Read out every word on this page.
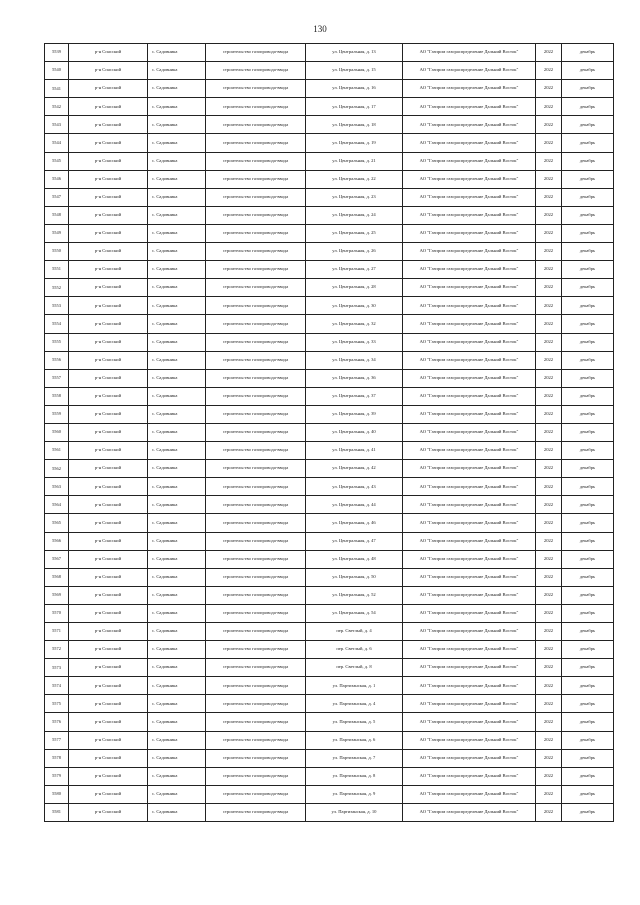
130
5539	р-н Спасский	с. Садовника	строительство газопровода-ввода	ул. Центральная, д. 13	АО "Газпром газораспределение Дальний Восток"	2022	декабрь
5540	р-н Спасский	с. Садовника	строительство газопровода-ввода	ул. Центральная, д. 15	АО "Газпром газораспределение Дальний Восток"	2022	декабрь
5541	р-н Спасский	с. Садовника	строительство газопровода-ввода	ул. Центральная, д. 16	АО "Газпром газораспределение Дальний Восток"	2022	декабрь
5542	р-н Спасский	с. Садовника	строительство газопровода-ввода	ул. Центральная, д. 17	АО "Газпром газораспределение Дальний Восток"	2022	декабрь
5543	р-н Спасский	с. Садовника	строительство газопровода-ввода	ул. Центральная, д. 18	АО "Газпром газораспределение Дальний Восток"	2022	декабрь
5544	р-н Спасский	с. Садовника	строительство газопровода-ввода	ул. Центральная, д. 19	АО "Газпром газораспределение Дальний Восток"	2022	декабрь
5545	р-н Спасский	с. Садовника	строительство газопровода-ввода	ул. Центральная, д. 21	АО "Газпром газораспределение Дальний Восток"	2022	декабрь
5546	р-н Спасский	с. Садовника	строительство газопровода-ввода	ул. Центральная, д. 22	АО "Газпром газораспределение Дальний Восток"	2022	декабрь
5547	р-н Спасский	с. Садовника	строительство газопровода-ввода	ул. Центральная, д. 23	АО "Газпром газораспределение Дальний Восток"	2022	декабрь
5548	р-н Спасский	с. Садовника	строительство газопровода-ввода	ул. Центральная, д. 24	АО "Газпром газораспределение Дальний Восток"	2022	декабрь
5549	р-н Спасский	с. Садовника	строительство газопровода-ввода	ул. Центральная, д. 25	АО "Газпром газораспределение Дальний Восток"	2022	декабрь
5550	р-н Спасский	с. Садовника	строительство газопровода-ввода	ул. Центральная, д. 26	АО "Газпром газораспределение Дальний Восток"	2022	декабрь
5551	р-н Спасский	с. Садовника	строительство газопровода-ввода	ул. Центральная, д. 27	АО "Газпром газораспределение Дальний Восток"	2022	декабрь
5552	р-н Спасский	с. Садовника	строительство газопровода-ввода	ул. Центральная, д. 28	АО "Газпром газораспределение Дальний Восток"	2022	декабрь
5553	р-н Спасский	с. Садовника	строительство газопровода-ввода	ул. Центральная, д. 30	АО "Газпром газораспределение Дальний Восток"	2022	декабрь
5554	р-н Спасский	с. Садовника	строительство газопровода-ввода	ул. Центральная, д. 32	АО "Газпром газораспределение Дальний Восток"	2022	декабрь
5555	р-н Спасский	с. Садовника	строительство газопровода-ввода	ул. Центральная, д. 33	АО "Газпром газораспределение Дальний Восток"	2022	декабрь
5556	р-н Спасский	с. Садовника	строительство газопровода-ввода	ул. Центральная, д. 34	АО "Газпром газораспределение Дальний Восток"	2022	декабрь
5557	р-н Спасский	с. Садовника	строительство газопровода-ввода	ул. Центральная, д. 36	АО "Газпром газораспределение Дальний Восток"	2022	декабрь
5558	р-н Спасский	с. Садовника	строительство газопровода-ввода	ул. Центральная, д. 37	АО "Газпром газораспределение Дальний Восток"	2022	декабрь
5559	р-н Спасский	с. Садовника	строительство газопровода-ввода	ул. Центральная, д. 39	АО "Газпром газораспределение Дальний Восток"	2022	декабрь
5560	р-н Спасский	с. Садовника	строительство газопровода-ввода	ул. Центральная, д. 40	АО "Газпром газораспределение Дальний Восток"	2022	декабрь
5561	р-н Спасский	с. Садовника	строительство газопровода-ввода	ул. Центральная, д. 41	АО "Газпром газораспределение Дальний Восток"	2022	декабрь
5562	р-н Спасский	с. Садовника	строительство газопровода-ввода	ул. Центральная, д. 42	АО "Газпром газораспределение Дальний Восток"	2022	декабрь
5563	р-н Спасский	с. Садовника	строительство газопровода-ввода	ул. Центральная, д. 43	АО "Газпром газораспределение Дальний Восток"	2022	декабрь
5564	р-н Спасский	с. Садовника	строительство газопровода-ввода	ул. Центральная, д. 44	АО "Газпром газораспределение Дальний Восток"	2022	декабрь
5565	р-н Спасский	с. Садовника	строительство газопровода-ввода	ул. Центральная, д. 46	АО "Газпром газораспределение Дальний Восток"	2022	декабрь
5566	р-н Спасский	с. Садовника	строительство газопровода-ввода	ул. Центральная, д. 47	АО "Газпром газораспределение Дальний Восток"	2022	декабрь
5567	р-н Спасский	с. Садовника	строительство газопровода-ввода	ул. Центральная, д. 48	АО "Газпром газораспределение Дальний Восток"	2022	декабрь
5568	р-н Спасский	с. Садовника	строительство газопровода-ввода	ул. Центральная, д. 50	АО "Газпром газораспределение Дальний Восток"	2022	декабрь
5569	р-н Спасский	с. Садовника	строительство газопровода-ввода	ул. Центральная, д. 52	АО "Газпром газораспределение Дальний Восток"	2022	декабрь
5570	р-н Спасский	с. Садовника	строительство газопровода-ввода	ул. Центральная, д. 54	АО "Газпром газораспределение Дальний Восток"	2022	декабрь
5571	р-н Спасский	с. Садовника	строительство газопровода-ввода	пер. Светлый, д. 4	АО "Газпром газораспределение Дальний Восток"	2022	декабрь
5572	р-н Спасский	с. Садовника	строительство газопровода-ввода	пер. Светлый, д. 6	АО "Газпром газораспределение Дальний Восток"	2022	декабрь
5573	р-н Спасский	с. Садовника	строительство газопровода-ввода	пер. Светлый, д. 8	АО "Газпром газораспределение Дальний Восток"	2022	декабрь
5574	р-н Спасский	с. Садовника	строительство газопровода-ввода	ул. Партизанская, д. 1	АО "Газпром газораспределение Дальний Восток"	2022	декабрь
5575	р-н Спасский	с. Садовника	строительство газопровода-ввода	ул. Партизанская, д. 4	АО "Газпром газораспределение Дальний Восток"	2022	декабрь
5576	р-н Спасский	с. Садовника	строительство газопровода-ввода	ул. Партизанская, д. 5	АО "Газпром газораспределение Дальний Восток"	2022	декабрь
5577	р-н Спасский	с. Садовника	строительство газопровода-ввода	ул. Партизанская, д. 6	АО "Газпром газораспределение Дальний Восток"	2022	декабрь
5578	р-н Спасский	с. Садовника	строительство газопровода-ввода	ул. Партизанская, д. 7	АО "Газпром газораспределение Дальний Восток"	2022	декабрь
5579	р-н Спасский	с. Садовника	строительство газопровода-ввода	ул. Партизанская, д. 8	АО "Газпром газораспределение Дальний Восток"	2022	декабрь
5580	р-н Спасский	с. Садовника	строительство газопровода-ввода	ул. Партизанская, д. 9	АО "Газпром газораспределение Дальний Восток"	2022	декабрь
5581	р-н Спасский	с. Садовника	строительство газопровода-ввода	ул. Партизанская, д. 10	АО "Газпром газораспределение Дальний Восток"	2022	декабрь
